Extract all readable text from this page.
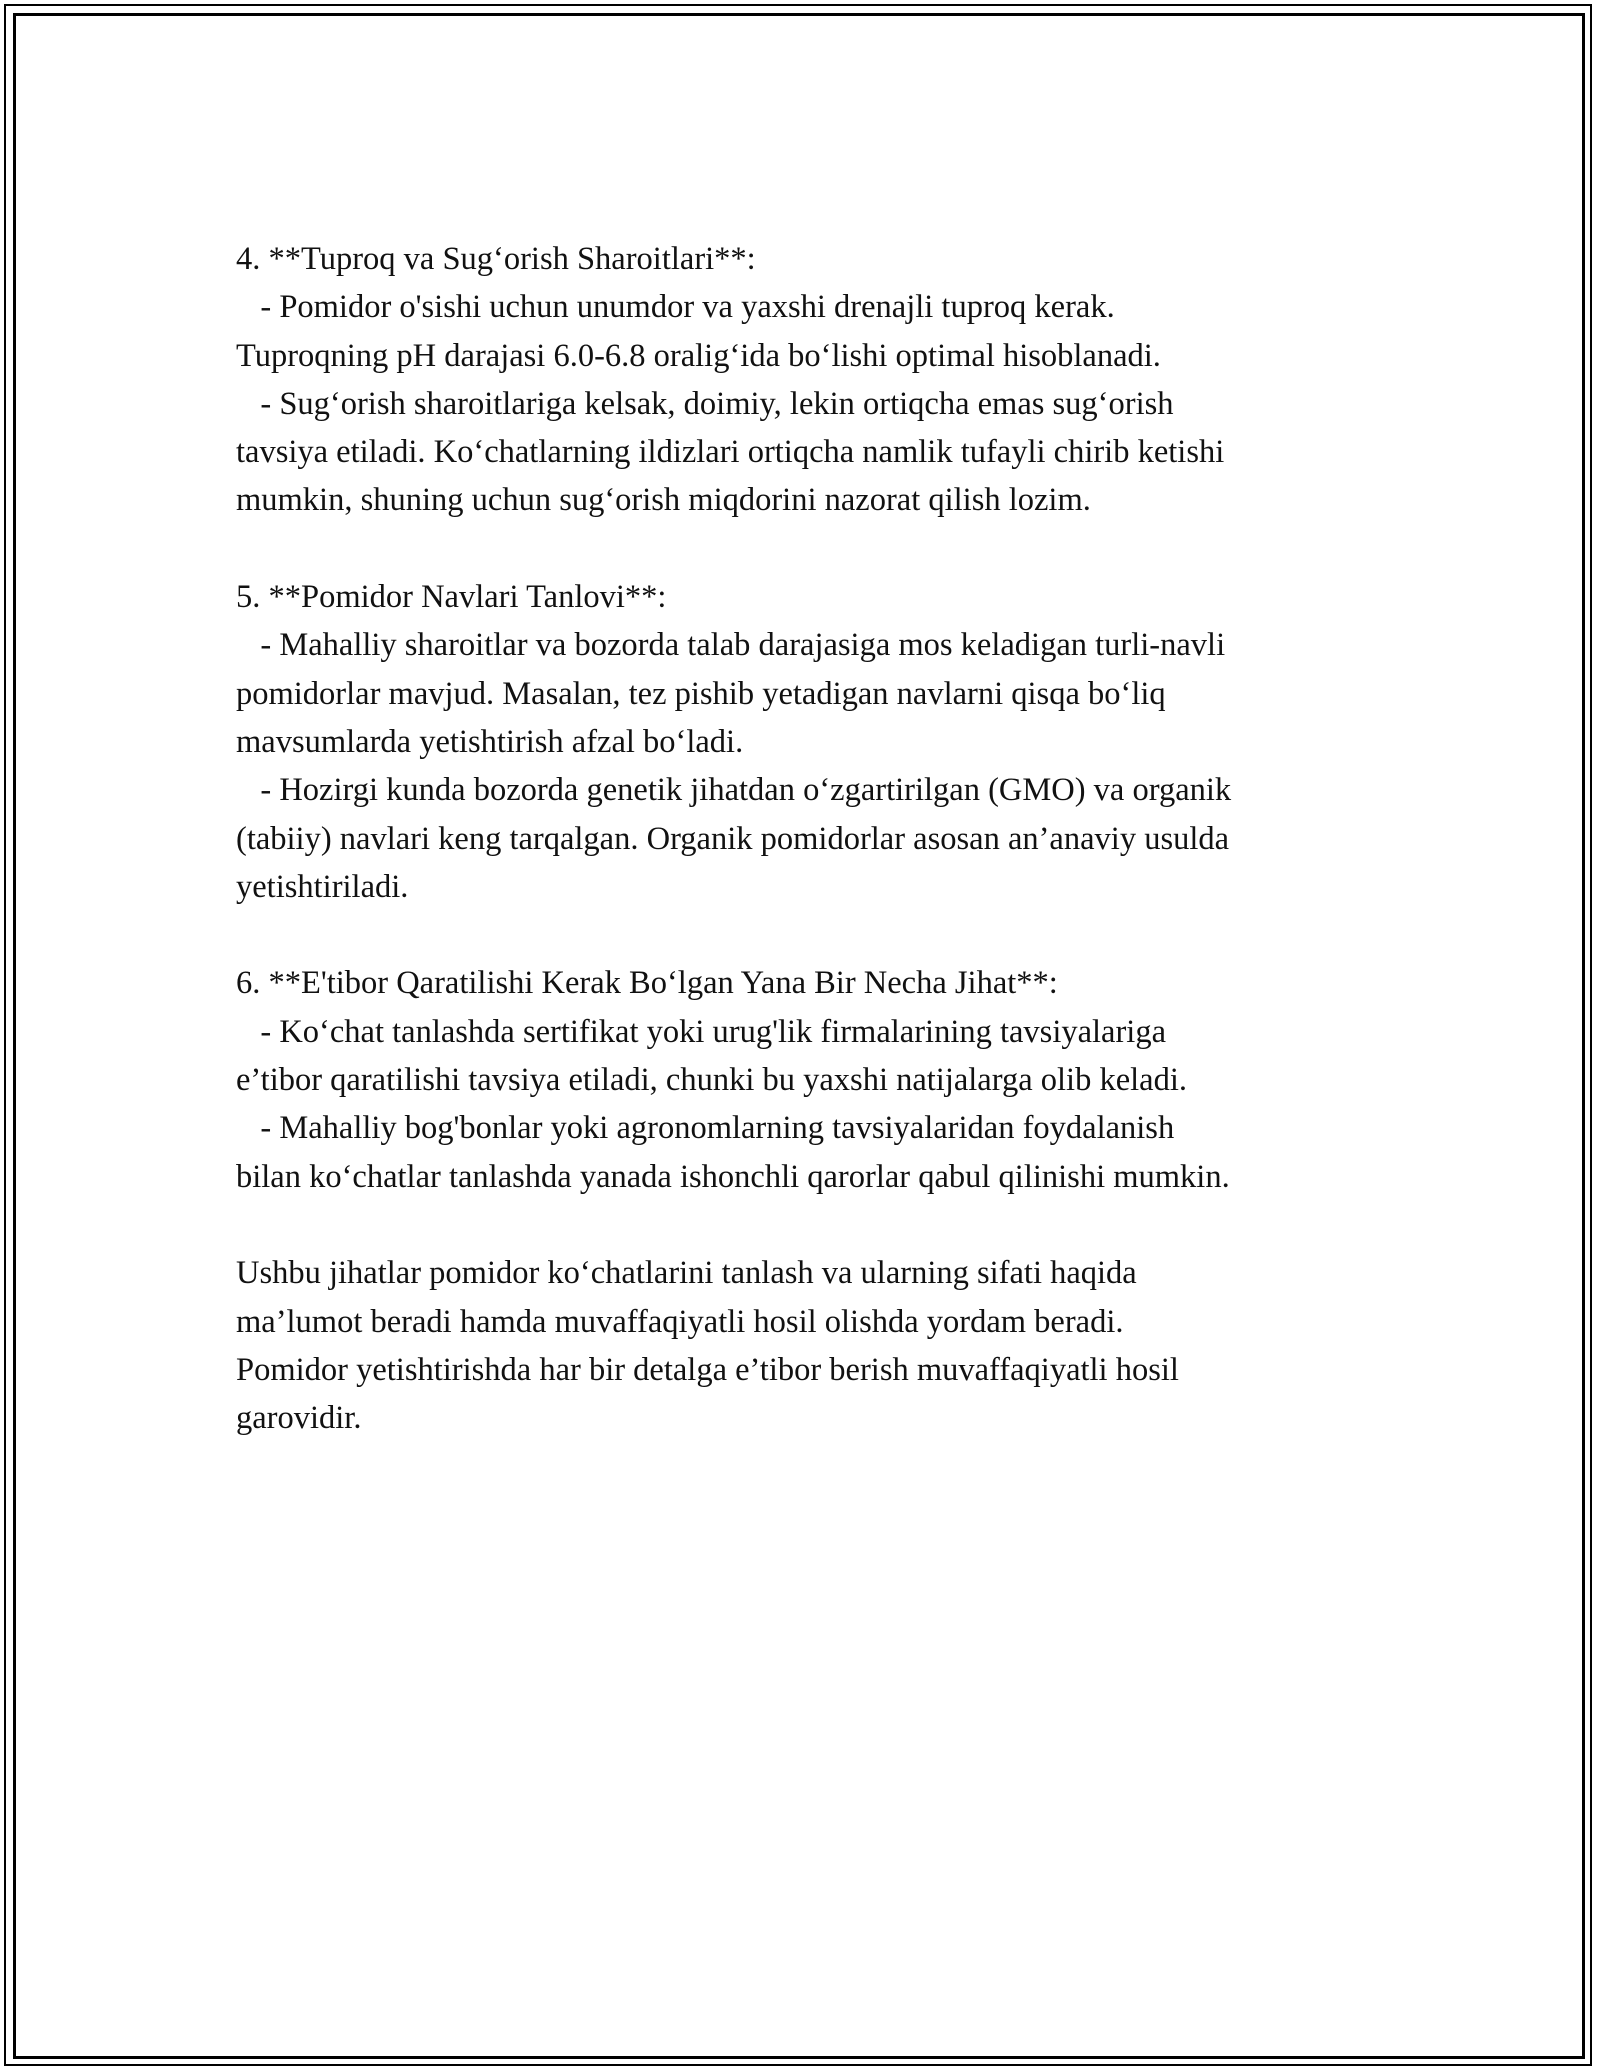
4. **Tuproq va Sug‘orish Sharoitlari**:
- Pomidor o'sishi uchun unumdor va yaxshi drenajli tuproq kerak.
Tuproqning pH darajasi 6.0-6.8 oralig‘ida bo‘lishi optimal hisoblanadi.
- Sug‘orish sharoitlariga kelsak, doimiy, lekin ortiqcha emas sug‘orish
tavsiya etiladi. Ko‘chatlarning ildizlari ortiqcha namlik tufayli chirib ketishi
mumkin, shuning uchun sug‘orish miqdorini nazorat qilish lozim.
5. **Pomidor Navlari Tanlovi**:
- Mahalliy sharoitlar va bozorda talab darajasiga mos keladigan turli-navli
pomidorlar mavjud. Masalan, tez pishib yetadigan navlarni qisqa bo‘liq
mavsumlarda yetishtirish afzal bo‘ladi.
- Hozirgi kunda bozorda genetik jihatdan o‘zgartirilgan (GMO) va organik
(tabiiy) navlari keng tarqalgan. Organik pomidorlar asosan an’anaviy usulda
yetishtiriladi.
6. **E'tibor Qaratilishi Kerak Bo‘lgan Yana Bir Necha Jihat**:
- Ko‘chat tanlashda sertifikat yoki urug'lik firmalarining tavsiyalariga
e’tibor qaratilishi tavsiya etiladi, chunki bu yaxshi natijalarga olib keladi.
- Mahalliy bog'bonlar yoki agronomlarning tavsiyalaridan foydalanish
bilan ko‘chatlar tanlashda yanada ishonchli qarorlar qabul qilinishi mumkin.
Ushbu jihatlar pomidor ko‘chatlarini tanlash va ularning sifati haqida
ma’lumot beradi hamda muvaffaqiyatli hosil olishda yordam beradi.
Pomidor yetishtirishda har bir detalga e’tibor berish muvaffaqiyatli hosil
garovidir.
